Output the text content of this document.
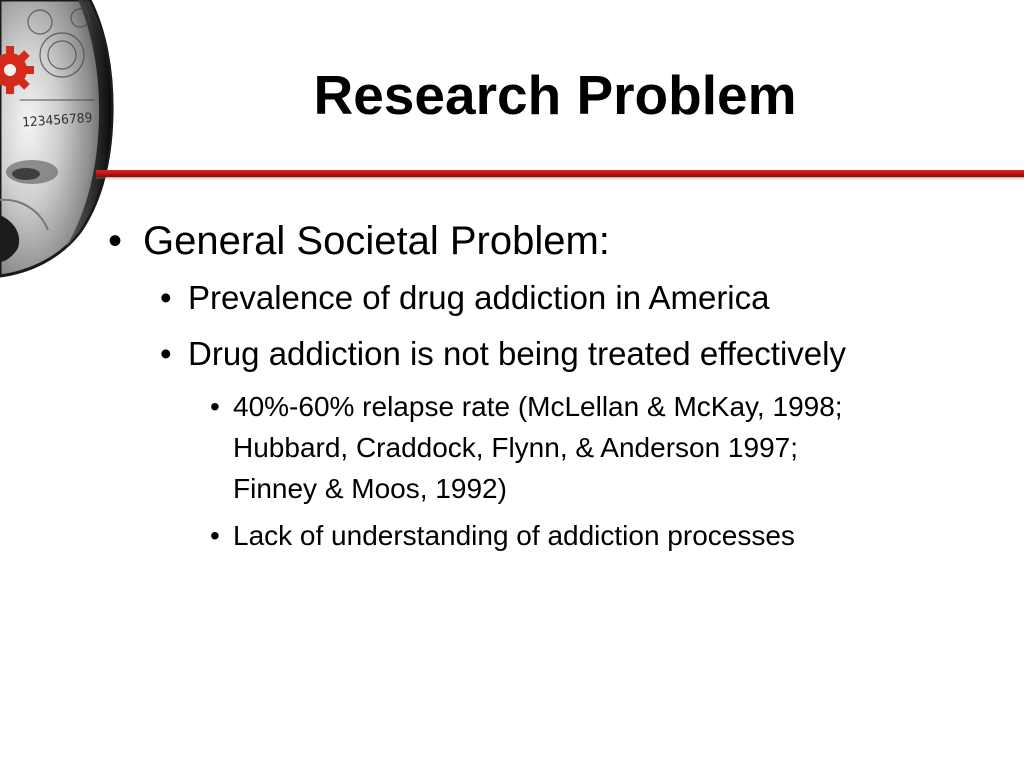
123456789	Research Problem
• General Societal Problem:

• Prevalence of drug addiction in America

• Drug addiction is not being treated effectively

• 40%-60% relapse rate (McLellan & McKay, 1998;

Hubbard, Craddock, Flynn, & Anderson 1997;

Finney & Moos, 1992)

• Lack of understanding of addiction processes
